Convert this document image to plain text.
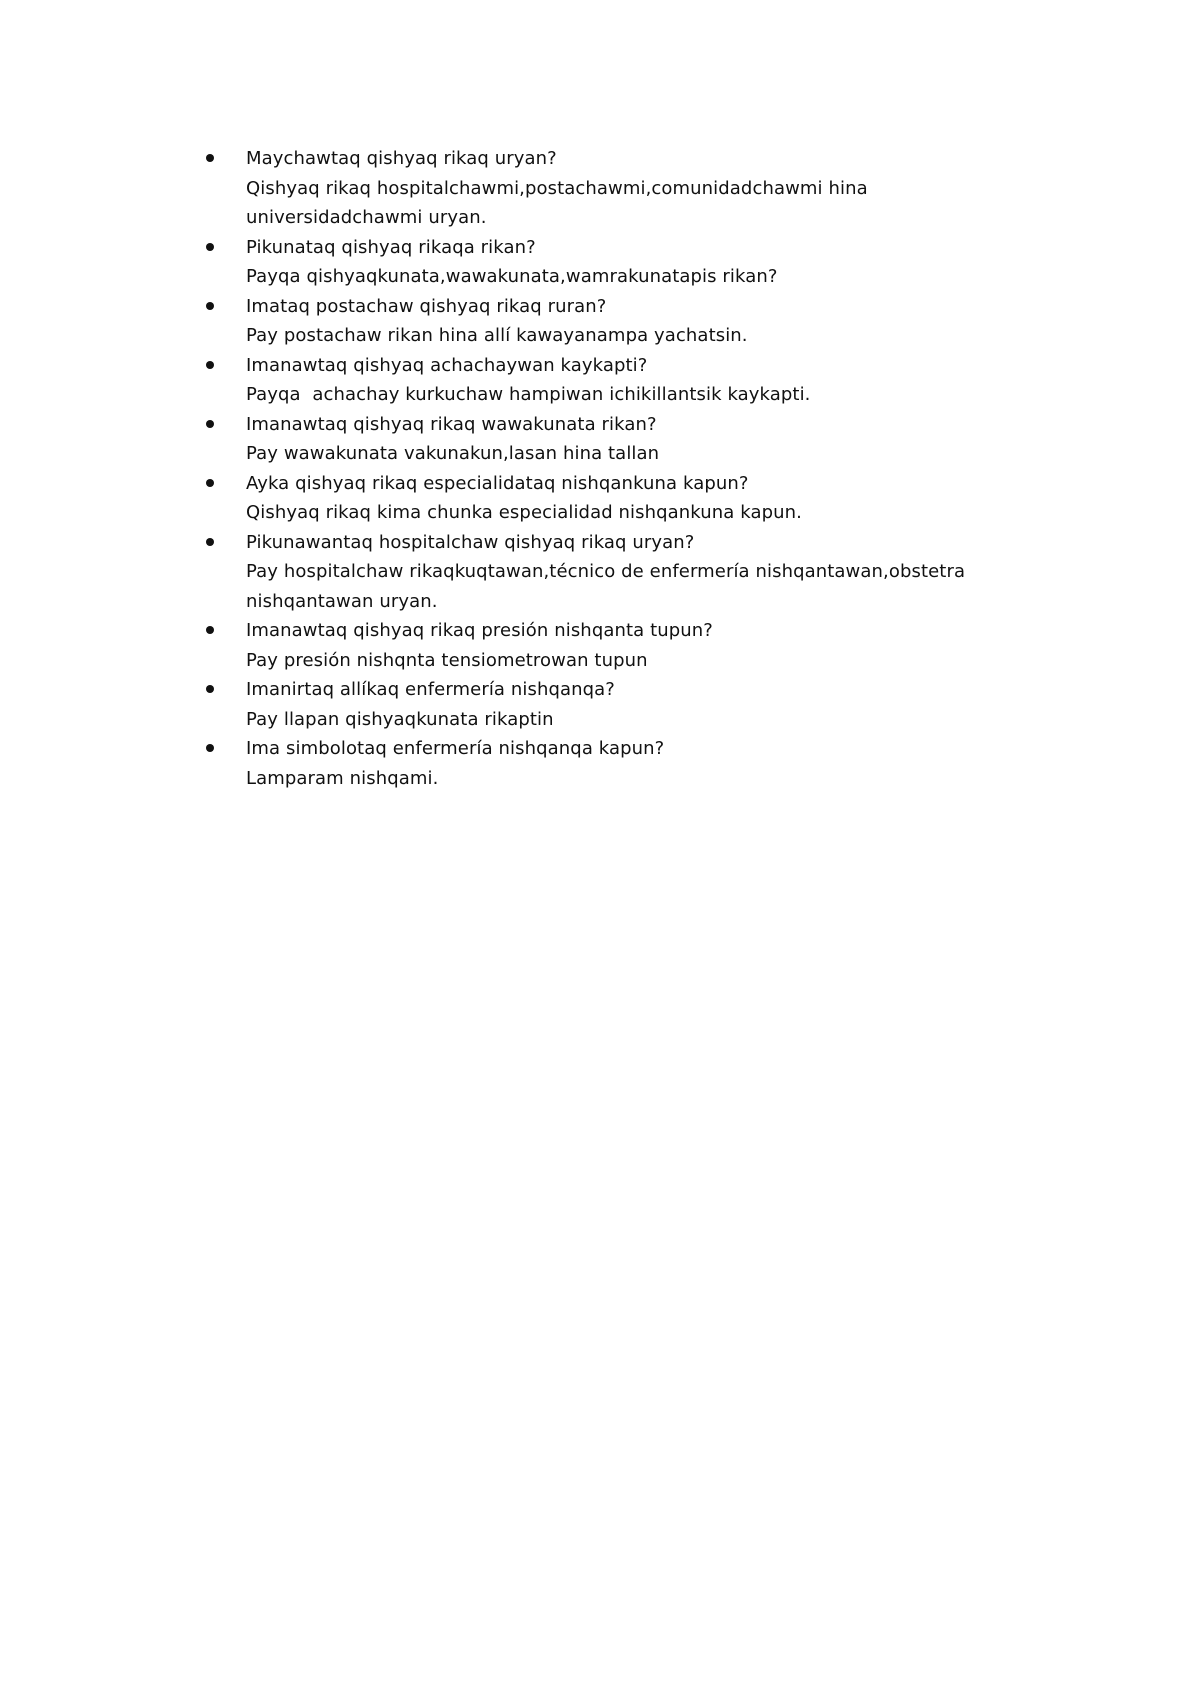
Maychawtaq qishyaq rikaq uryan?
Qishyaq rikaq hospitalchawmi,postachawmi,comunidadchawmi hina
universidadchawmi uryan.
Pikunataq qishyaq rikaqa rikan?
Payqa qishyaqkunata,wawakunata,wamrakunatapis rikan?
Imataq postachaw qishyaq rikaq ruran?
Pay postachaw rikan hina allí kawayanampa yachatsin.
Imanawtaq qishyaq achachaywan kaykapti?
Payqa  achachay kurkuchaw hampiwan ichikillantsik kaykapti.
Imanawtaq qishyaq rikaq wawakunata rikan?
Pay wawakunata vakunakun,lasan hina tallan
Ayka qishyaq rikaq especialidataq nishqankuna kapun?
Qishyaq rikaq kima chunka especialidad nishqankuna kapun.
Pikunawantaq hospitalchaw qishyaq rikaq uryan?
Pay hospitalchaw rikaqkuqtawan,técnico de enfermería nishqantawan,obstetra
nishqantawan uryan.
Imanawtaq qishyaq rikaq presión nishqanta tupun?
Pay presión nishqnta tensiometrowan tupun
Imanirtaq allíkaq enfermería nishqanqa?
Pay llapan qishyaqkunata rikaptin
Ima simbolotaq enfermería nishqanqa kapun?
Lamparam nishqami.
